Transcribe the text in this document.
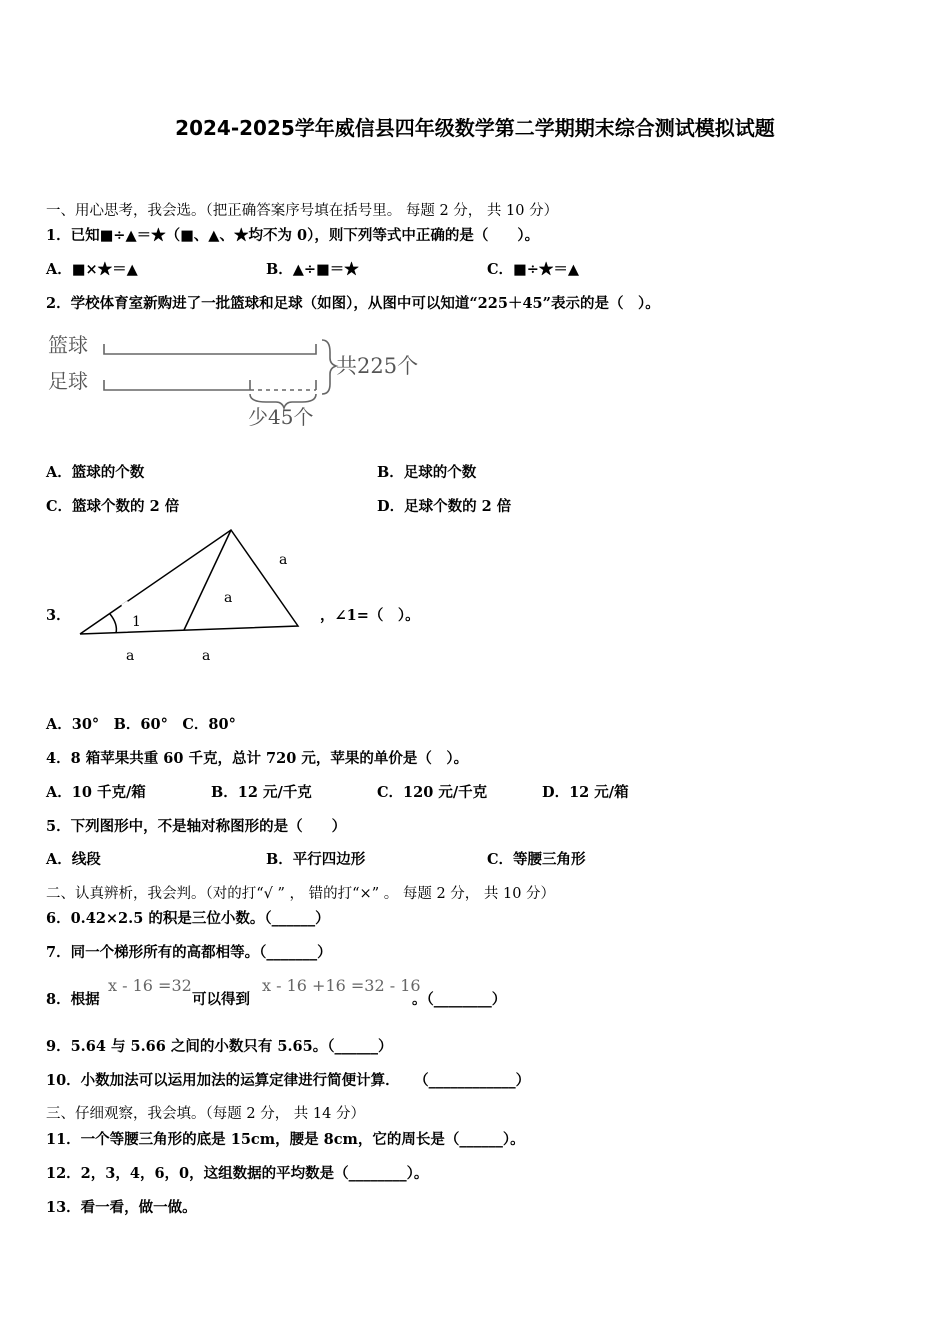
2024-2025学年威信县四年级数学第二学期期末综合测试模拟试题
一、用心思考，我会选。（把正确答案序号填在括号里。 每题 2 分， 共 10 分）
1．已知■÷▲＝★（■、▲、★均不为 0），则下列等式中正确的是（　　）。
A．■×★＝▲	B．▲÷■＝★	C．■÷★＝▲
2．学校体育室新购进了一批篮球和足球（如图），从图中可以知道“225＋45”表示的是（　）。
篮球
足球
共225个
少45个
A．篮球的个数	B．足球的个数
C．篮球个数的 2 倍	D．足球个数的 2 倍
3．	1
a
a
a	a
，∠1=（　）。
A．30°　B．60°　C．80°
4．8 箱苹果共重 60 千克，总计 720 元，苹果的单价是（　）。
A．10 千克/箱	B．12 元/千克	C．120 元/千克	D．12 元/箱
5．下列图形中，不是轴对称图形的是（　　）
A．线段	B．平行四边形	C．等腰三角形
二、认真辨析，我会判。（对的打“√ ” ， 错的打“×” 。 每题 2 分， 共 10 分）
6．0.42×2.5 的积是三位小数。（______）
7．同一个梯形所有的高都相等。（_______）
8．根据
x - 16 =32
可以得到
x - 16 +16 =32 - 16
。（________）
9．5.64 与 5.66 之间的小数只有 5.65。（______）
10．小数加法可以运用加法的运算定律进行简便计算．　　（____________）
三、仔细观察，我会填。（每题 2 分， 共 14 分）
11．一个等腰三角形的底是 15cm，腰是 8cm，它的周长是（______）。
12．2，3，4，6，0，这组数据的平均数是（________）。
13．看一看，做一做。
